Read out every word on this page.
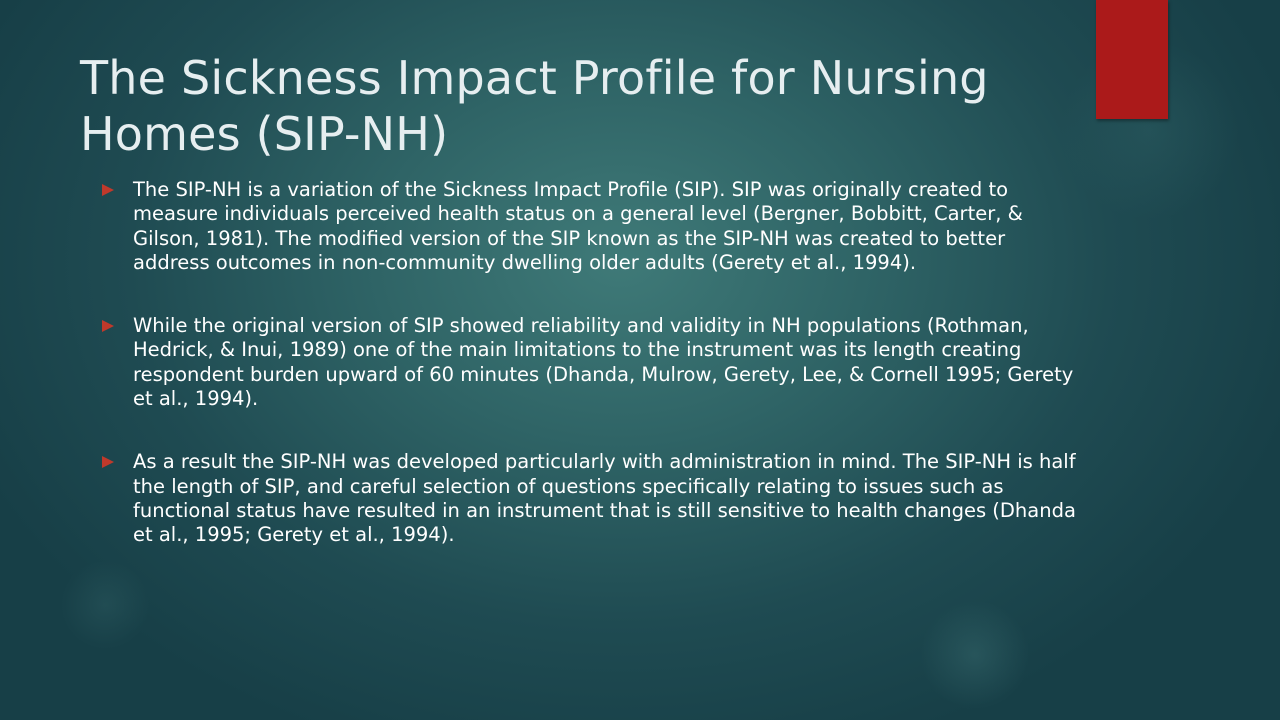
The Sickness Impact Profile for Nursing Homes (SIP-NH)
The SIP-NH is a variation of the Sickness Impact Profile (SIP). SIP was originally created to measure individuals perceived health status on a general level (Bergner, Bobbitt, Carter, & Gilson, 1981). The modified version of the SIP known as the SIP-NH was created to better address outcomes in non-community dwelling older adults (Gerety et al., 1994).
While the original version of SIP showed reliability and validity in NH populations (Rothman, Hedrick, & Inui, 1989) one of the main limitations to the instrument was its length creating respondent burden upward of 60 minutes (Dhanda, Mulrow, Gerety, Lee, & Cornell 1995; Gerety et al., 1994).
As a result the SIP-NH was developed particularly with administration in mind. The SIP-NH is half the length of SIP, and careful selection of questions specifically relating to issues such as functional status have resulted in an instrument that is still sensitive to health changes (Dhanda et al., 1995; Gerety et al., 1994).
